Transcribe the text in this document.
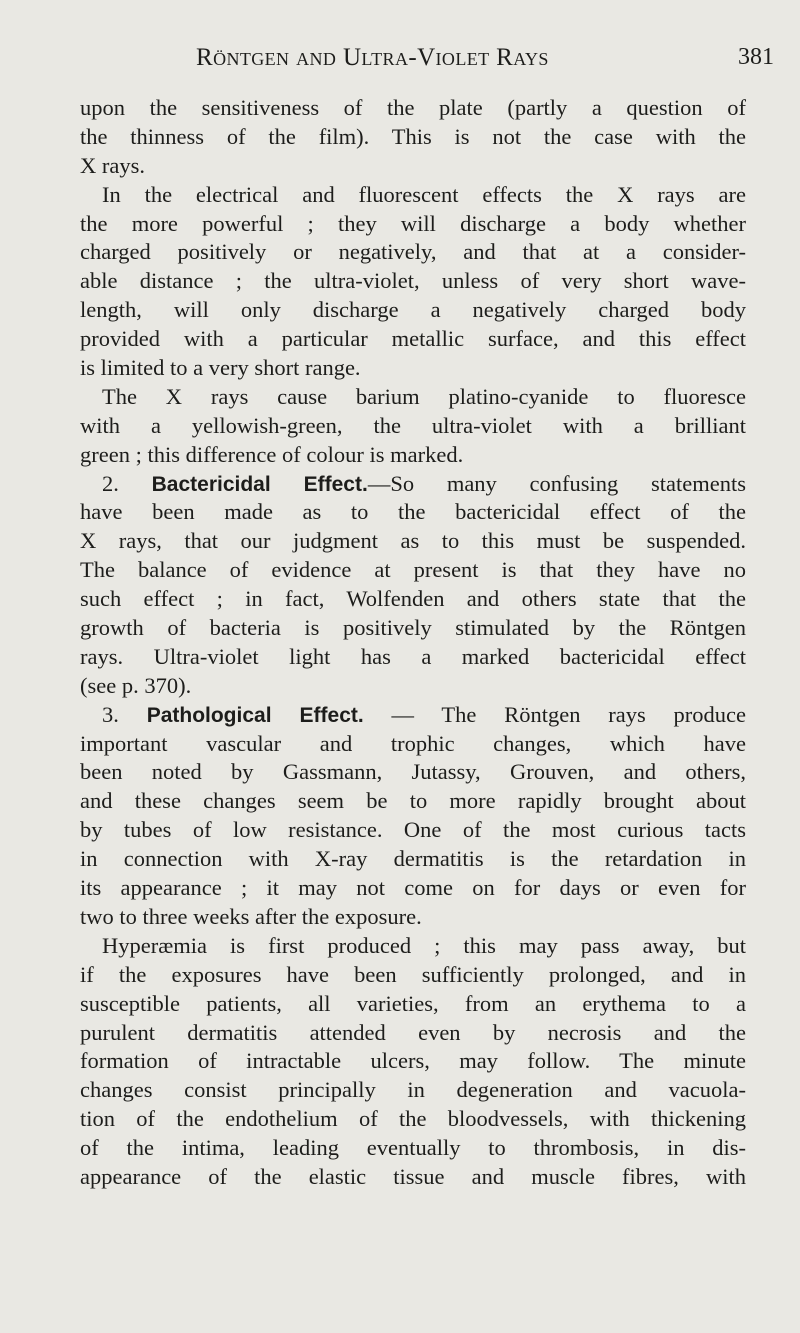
Röntgen and Ultra-Violet Rays	381
upon the sensitiveness of the plate (partly a question of
the thinness of the film). This is not the case with the
X rays.
In the electrical and fluorescent effects the X rays are
the more powerful ; they will discharge a body whether
charged positively or negatively, and that at a consider-
able distance ; the ultra-violet, unless of very short wave-
length, will only discharge a negatively charged body
provided with a particular metallic surface, and this effect
is limited to a very short range.
The X rays cause barium platino-cyanide to fluoresce
with a yellowish-green, the ultra-violet with a brilliant
green ; this difference of colour is marked.
2. Bactericidal Effect.—So many confusing statements
have been made as to the bactericidal effect of the
X rays, that our judgment as to this must be suspended.
The balance of evidence at present is that they have no
such effect ; in fact, Wolfenden and others state that the
growth of bacteria is positively stimulated by the Röntgen
rays. Ultra-violet light has a marked bactericidal effect
(see p. 370).
3. Pathological Effect. — The Röntgen rays produce
important vascular and trophic changes, which have
been noted by Gassmann, Jutassy, Grouven, and others,
and these changes seem be to more rapidly brought about
by tubes of low resistance. One of the most curious tacts
in connection with X-ray dermatitis is the retardation in
its appearance ; it may not come on for days or even for
two to three weeks after the exposure.
Hyperæmia is first produced ; this may pass away, but
if the exposures have been sufficiently prolonged, and in
susceptible patients, all varieties, from an erythema to a
purulent dermatitis attended even by necrosis and the
formation of intractable ulcers, may follow. The minute
changes consist principally in degeneration and vacuola-
tion of the endothelium of the bloodvessels, with thickening
of the intima, leading eventually to thrombosis, in dis-
appearance of the elastic tissue and muscle fibres, with
